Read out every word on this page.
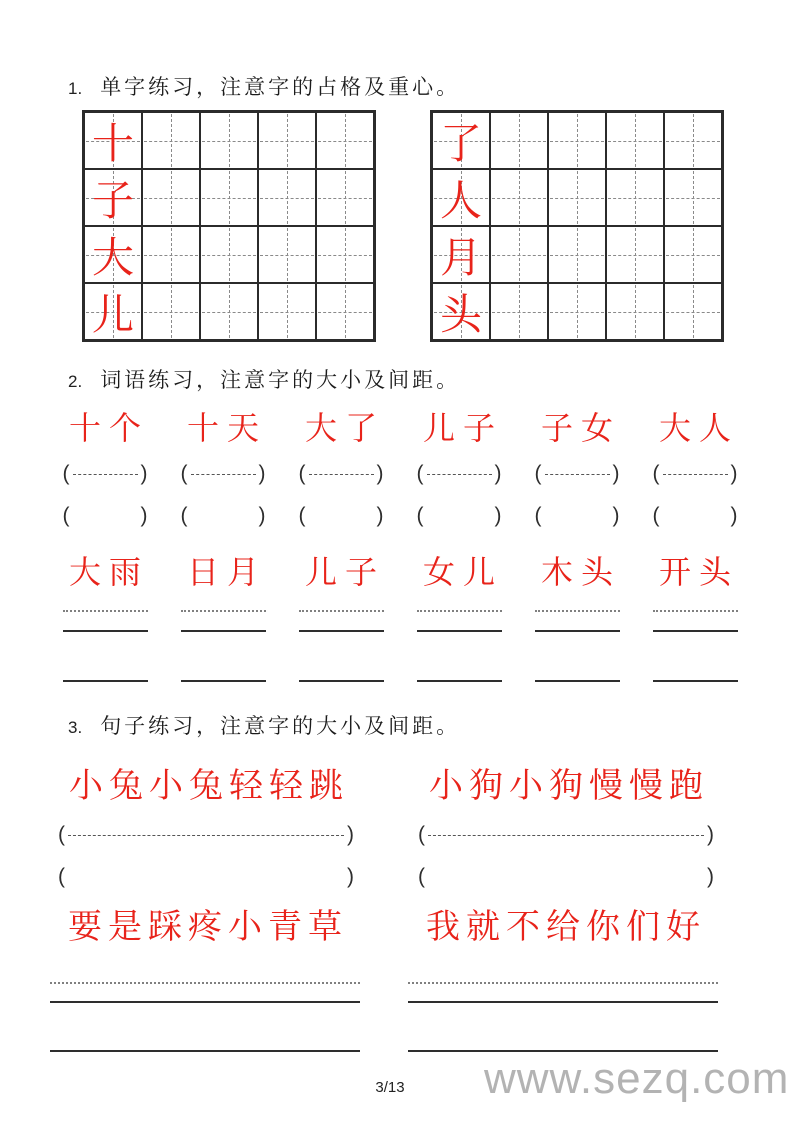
1. 单字练习，注意字的占格及重心。
十
子
大
儿
了
人
月
头
2. 词语练习，注意字的大小及间距。
十个
(	)
(	)
十天
(	)
(	)
大了
(	)
(	)
儿子
(	)
(	)
子女
(	)
(	)
大人
(	)
(	)
大雨 日月 儿子 女儿 木头 开头
3. 句子练习，注意字的大小及间距。
小兔小兔轻轻跳
(	)
(	)
小狗小狗慢慢跑
(	)
(	)
要是踩疼小青草	我就不给你们好
3/13	www.sezq.com
